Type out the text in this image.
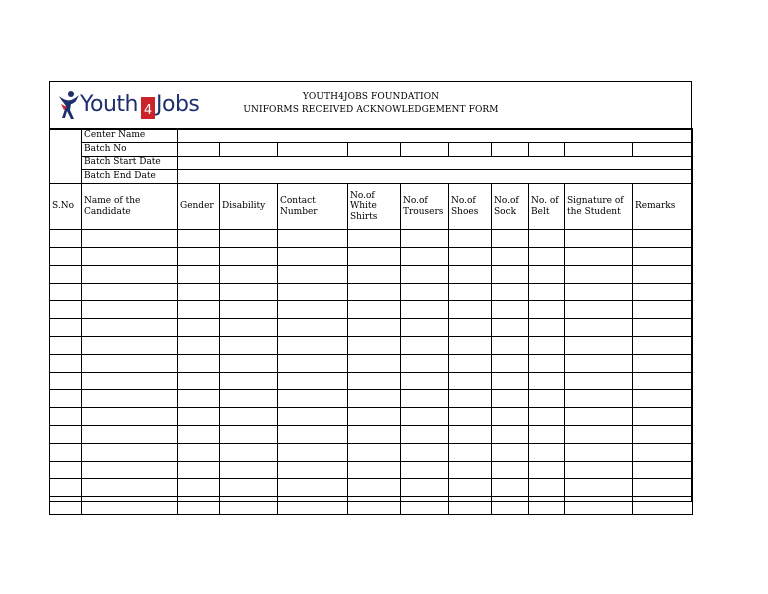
Youth 4 Jobs	YOUTH4JOBS FOUNDATION
UNIFORMS RECEIVED ACKNOWLEDGEMENT FORM
	Center Name										
	Batch No										
	Batch Start Date										
	Batch End Date										
S.No	Name of the Candidate	Gender	Disability	Contact Number	No.of White Shirts	No.of Trousers	No.of Shoes	No.of Sock	No. of Belt	Signature of the Student	Remarks
